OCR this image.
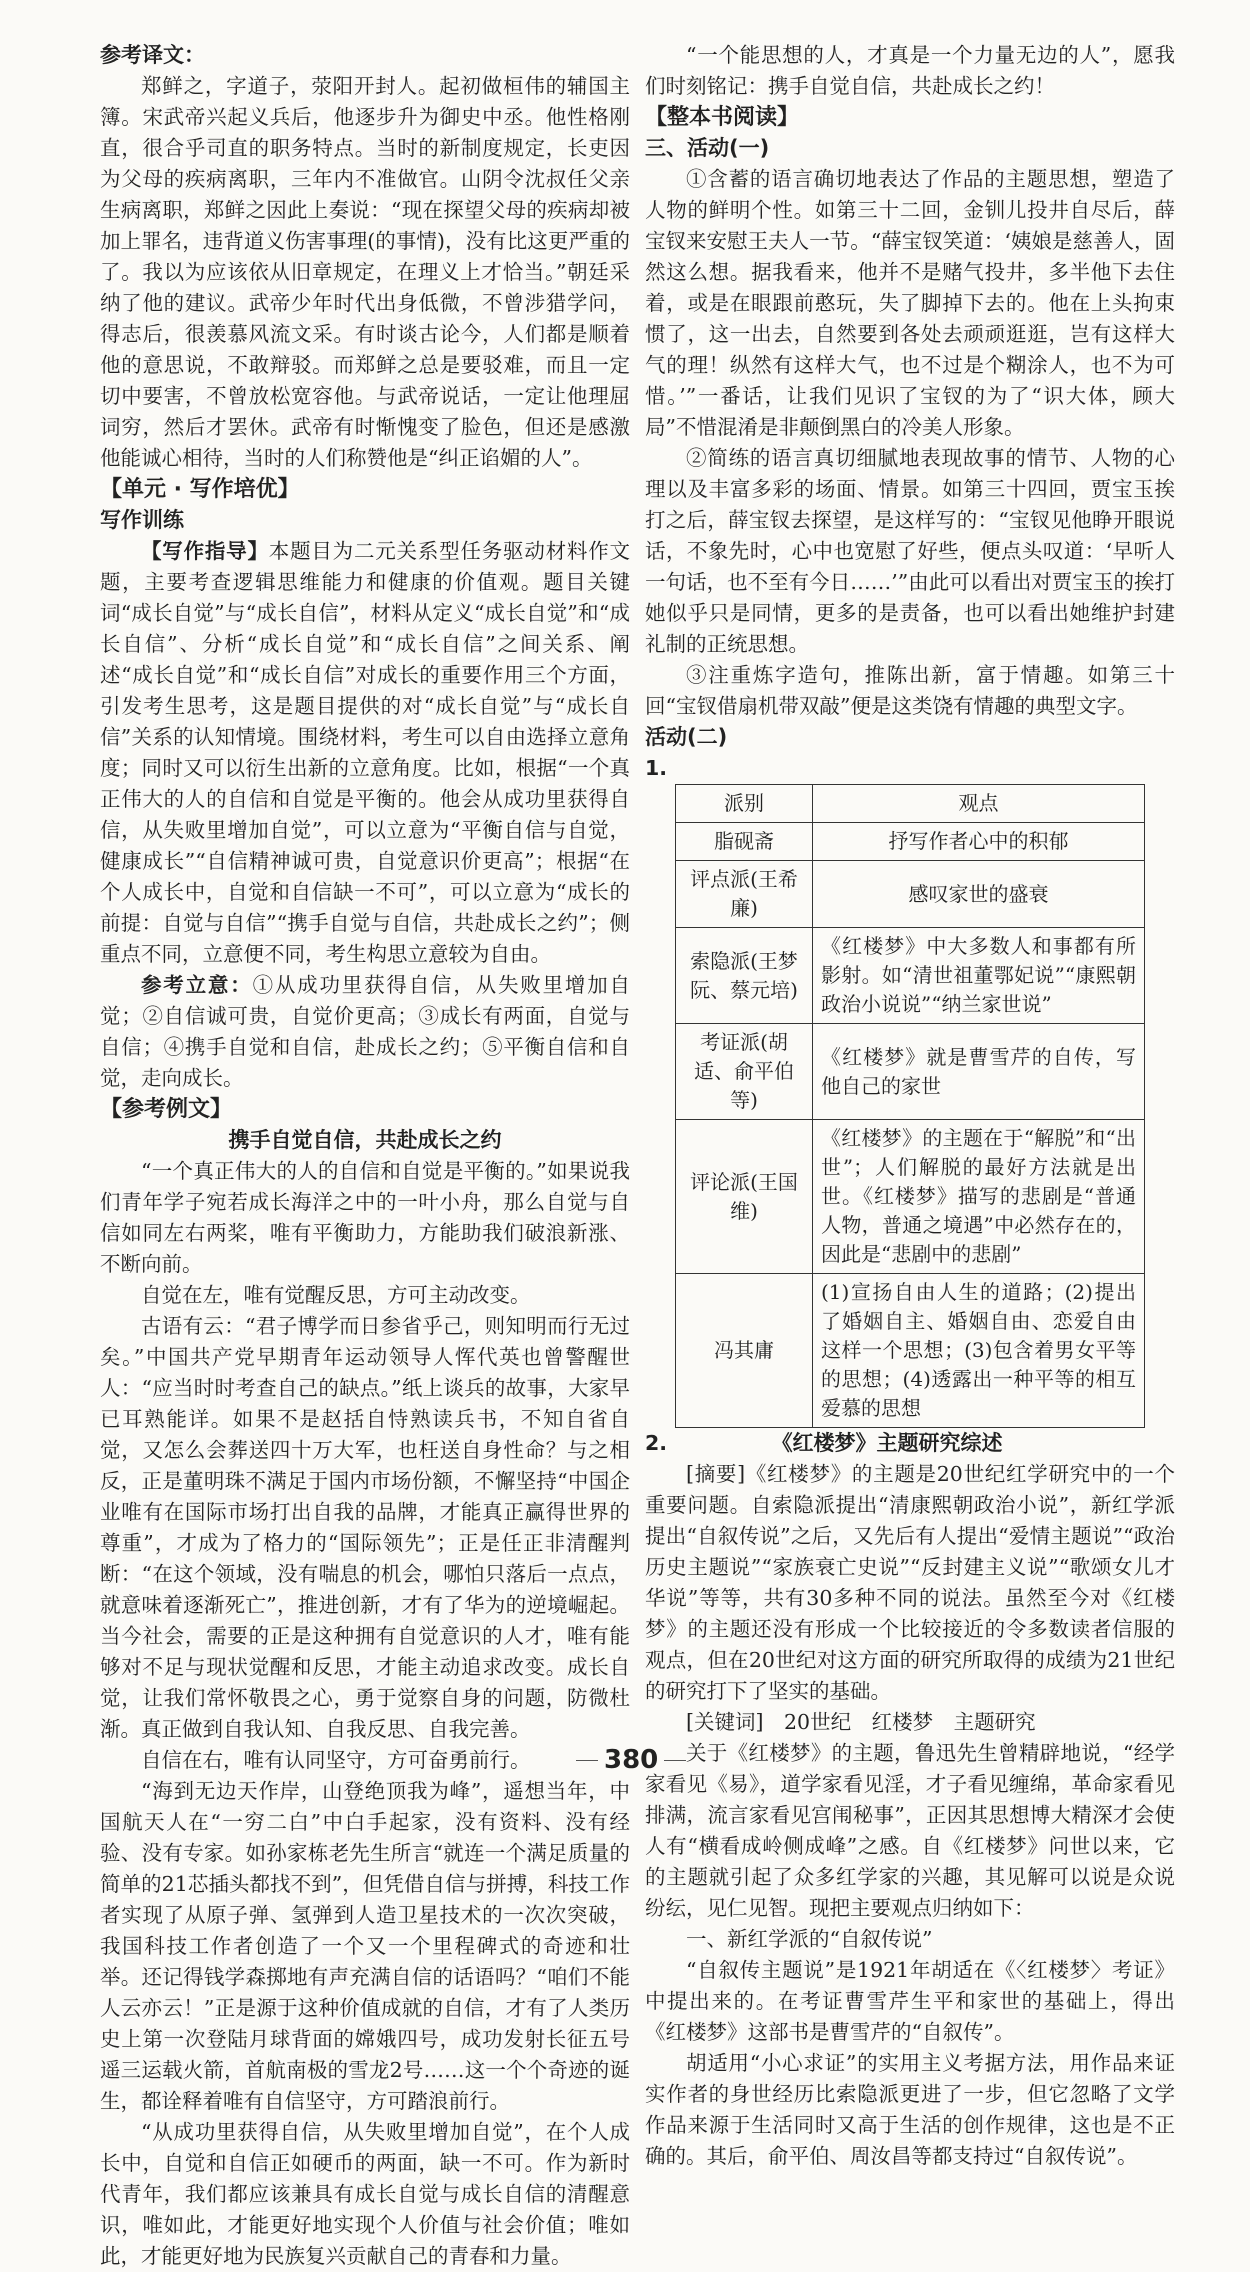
参考译文：

郑鲜之，字道子，荥阳开封人。起初做桓伟的辅国主簿。宋武帝兴起义兵后，他逐步升为御史中丞。他性格刚直，很合乎司直的职务特点。当时的新制度规定，长吏因为父母的疾病离职，三年内不准做官。山阴令沈叔任父亲生病离职，郑鲜之因此上奏说：“现在探望父母的疾病却被加上罪名，违背道义伤害事理(的事情)，没有比这更严重的了。我以为应该依从旧章规定，在理义上才恰当。”朝廷采纳了他的建议。武帝少年时代出身低微，不曾涉猎学问，得志后，很羡慕风流文采。有时谈古论今，人们都是顺着他的意思说，不敢辩驳。而郑鲜之总是要驳难，而且一定切中要害，不曾放松宽容他。与武帝说话，一定让他理屈词穷，然后才罢休。武帝有时惭愧变了脸色，但还是感激他能诚心相待，当时的人们称赞他是“纠正谄媚的人”。

【单元 · 写作培优】

写作训练

【写作指导】本题目为二元关系型任务驱动材料作文题，主要考查逻辑思维能力和健康的价值观。题目关键词“成长自觉”与“成长自信”，材料从定义“成长自觉”和“成长自信”、分析“成长自觉”和“成长自信”之间关系、阐述“成长自觉”和“成长自信”对成长的重要作用三个方面，引发考生思考，这是题目提供的对“成长自觉”与“成长自信”关系的认知情境。围绕材料，考生可以自由选择立意角度；同时又可以衍生出新的立意角度。比如，根据“一个真正伟大的人的自信和自觉是平衡的。他会从成功里获得自信，从失败里增加自觉”，可以立意为“平衡自信与自觉，健康成长”“自信精神诚可贵，自觉意识价更高”；根据“在个人成长中，自觉和自信缺一不可”，可以立意为“成长的前提：自觉与自信”“携手自觉与自信，共赴成长之约”；侧重点不同，立意便不同，考生构思立意较为自由。

参考立意：①从成功里获得自信，从失败里增加自觉；②自信诚可贵，自觉价更高；③成长有两面，自觉与自信；④携手自觉和自信，赴成长之约；⑤平衡自信和自觉，走向成长。

【参考例文】

携手自觉自信，共赴成长之约

“一个真正伟大的人的自信和自觉是平衡的。”如果说我们青年学子宛若成长海洋之中的一叶小舟，那么自觉与自信如同左右两桨，唯有平衡助力，方能助我们破浪新涨、不断向前。

自觉在左，唯有觉醒反思，方可主动改变。

古语有云：“君子博学而日参省乎己，则知明而行无过矣。”中国共产党早期青年运动领导人恽代英也曾警醒世人：“应当时时考查自己的缺点。”纸上谈兵的故事，大家早已耳熟能详。如果不是赵括自恃熟读兵书，不知自省自觉，又怎么会葬送四十万大军，也枉送自身性命？与之相反，正是董明珠不满足于国内市场份额，不懈坚持“中国企业唯有在国际市场打出自我的品牌，才能真正赢得世界的尊重”，才成为了格力的“国际领先”；正是任正非清醒判断：“在这个领域，没有喘息的机会，哪怕只落后一点点，就意味着逐渐死亡”，推进创新，才有了华为的逆境崛起。当今社会，需要的正是这种拥有自觉意识的人才，唯有能够对不足与现状觉醒和反思，才能主动追求改变。成长自觉，让我们常怀敬畏之心，勇于觉察自身的问题，防微杜渐。真正做到自我认知、自我反思、自我完善。

自信在右，唯有认同坚守，方可奋勇前行。

“海到无边天作岸，山登绝顶我为峰”，遥想当年，中国航天人在“一穷二白”中白手起家，没有资料、没有经验、没有专家。如孙家栋老先生所言“就连一个满足质量的简单的21芯插头都找不到”，但凭借自信与拼搏，科技工作者实现了从原子弹、氢弹到人造卫星技术的一次次突破，我国科技工作者创造了一个又一个里程碑式的奇迹和壮举。还记得钱学森掷地有声充满自信的话语吗？“咱们不能人云亦云！”正是源于这种价值成就的自信，才有了人类历史上第一次登陆月球背面的嫦娥四号，成功发射长征五号遥三运载火箭，首航南极的雪龙2号……这一个个奇迹的诞生，都诠释着唯有自信坚守，方可踏浪前行。

“从成功里获得自信，从失败里增加自觉”，在个人成长中，自觉和自信正如硬币的两面，缺一不可。作为新时代青年，我们都应该兼具有成长自觉与成长自信的清醒意识，唯如此，才能更好地实现个人价值与社会价值；唯如此，才能更好地为民族复兴贡献自己的青春和力量。

“一个能思想的人，才真是一个力量无边的人”，愿我们时刻铭记：携手自觉自信，共赴成长之约！

【整本书阅读】

三、活动(一)

①含蓄的语言确切地表达了作品的主题思想，塑造了人物的鲜明个性。如第三十二回，金钏儿投井自尽后，薛宝钗来安慰王夫人一节。“薛宝钗笑道：‘姨娘是慈善人，固然这么想。据我看来，他并不是赌气投井，多半他下去住着，或是在眼跟前憨玩，失了脚掉下去的。他在上头拘束惯了，这一出去，自然要到各处去顽顽逛逛，岂有这样大气的理！纵然有这样大气，也不过是个糊涂人，也不为可惜。’”一番话，让我们见识了宝钗的为了“识大体，顾大局”不惜混淆是非颠倒黑白的冷美人形象。

②简练的语言真切细腻地表现故事的情节、人物的心理以及丰富多彩的场面、情景。如第三十四回，贾宝玉挨打之后，薛宝钗去探望，是这样写的：“宝钗见他睁开眼说话，不象先时，心中也宽慰了好些，便点头叹道：‘早听人一句话，也不至有今日……’”由此可以看出对贾宝玉的挨打她似乎只是同情，更多的是责备，也可以看出她维护封建礼制的正统思想。

③注重炼字造句，推陈出新，富于情趣。如第三十回“宝钗借扇机带双敲”便是这类饶有情趣的典型文字。

活动(二)

1.

派别	观点
脂砚斋	抒写作者心中的积郁
评点派(王希廉)	感叹家世的盛衰
索隐派(王梦阮、蔡元培)	《红楼梦》中大多数人和事都有所影射。如“清世祖董鄂妃说”“康熙朝政治小说说”“纳兰家世说”
考证派(胡适、俞平伯等)	《红楼梦》就是曹雪芹的自传，写他自己的家世
评论派(王国维)	《红楼梦》的主题在于“解脱”和“出世”；人们解脱的最好方法就是出世。《红楼梦》描写的悲剧是“普通人物，普通之境遇”中必然存在的，因此是“悲剧中的悲剧”
冯其庸	(1)宣扬自由人生的道路；(2)提出了婚姻自主、婚姻自由、恋爱自由这样一个思想；(3)包含着男女平等的思想；(4)透露出一种平等的相互爱慕的思想

2.	《红楼梦》主题研究综述

[摘要]《红楼梦》的主题是20世纪红学研究中的一个重要问题。自索隐派提出“清康熙朝政治小说”，新红学派提出“自叙传说”之后，又先后有人提出“爱情主题说”“政治历史主题说”“家族衰亡史说”“反封建主义说”“歌颂女儿才华说”等等，共有30多种不同的说法。虽然至今对《红楼梦》的主题还没有形成一个比较接近的令多数读者信服的观点，但在20世纪对这方面的研究所取得的成绩为21世纪的研究打下了坚实的基础。

[关键词]　20世纪　红楼梦　主题研究

关于《红楼梦》的主题，鲁迅先生曾精辟地说，“经学家看见《易》，道学家看见淫，才子看见缠绵，革命家看见排满，流言家看见宫闱秘事”，正因其思想博大精深才会使人有“横看成岭侧成峰”之感。自《红楼梦》问世以来，它的主题就引起了众多红学家的兴趣，其见解可以说是众说纷纭，见仁见智。现把主要观点归纳如下：

一、新红学派的“自叙传说”

“自叙传主题说”是1921年胡适在《〈红楼梦〉考证》中提出来的。在考证曹雪芹生平和家世的基础上，得出《红楼梦》这部书是曹雪芹的“自叙传”。

胡适用“小心求证”的实用主义考据方法，用作品来证实作者的身世经历比索隐派更进了一步，但它忽略了文学作品来源于生活同时又高于生活的创作规律，这也是不正确的。其后，俞平伯、周汝昌等都支持过“自叙传说”。

380
